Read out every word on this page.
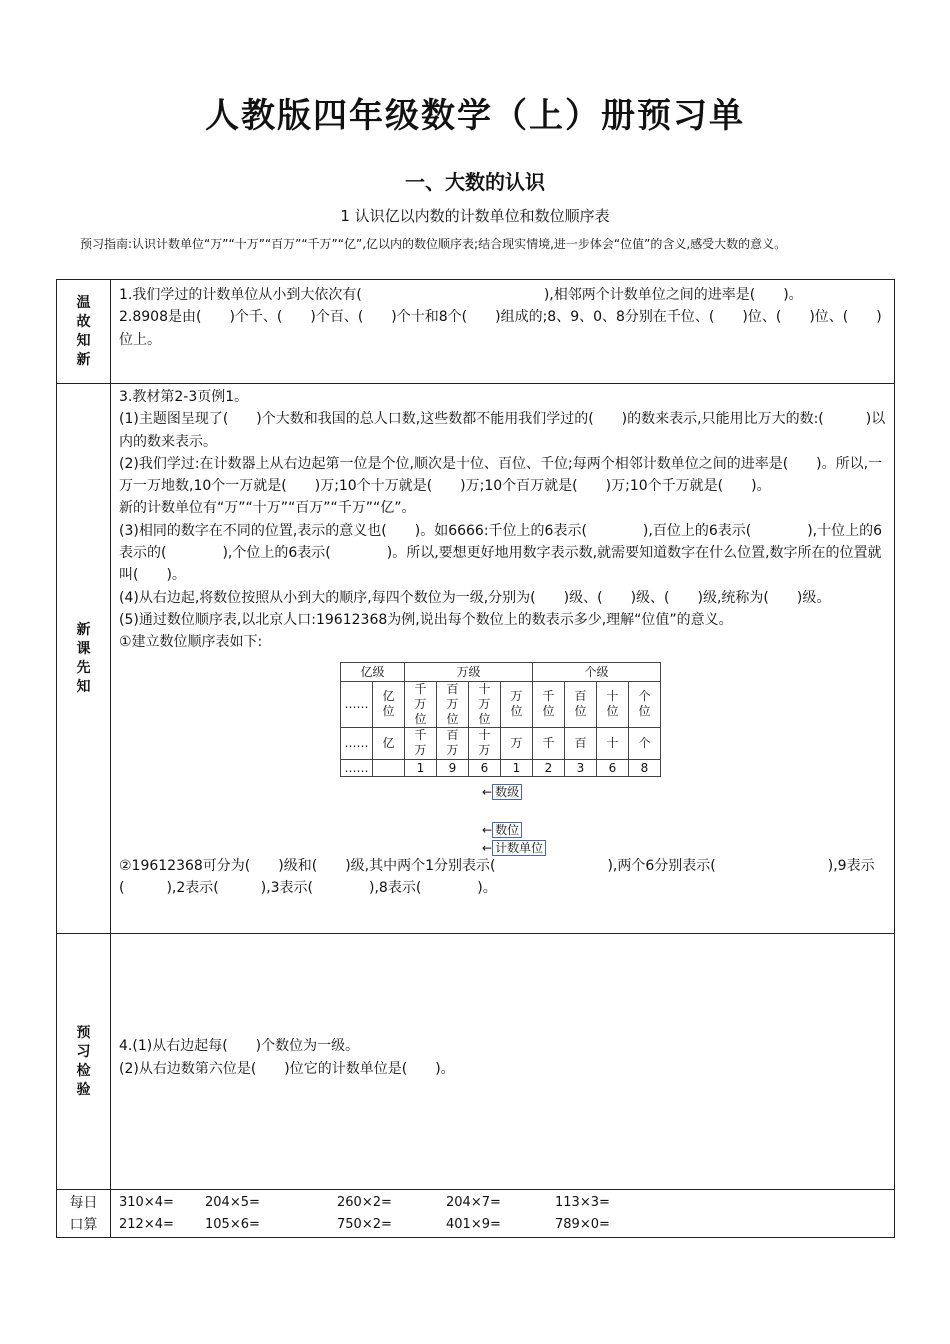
人教版四年级数学（上）册预习单
一、大数的认识
1 认识亿以内数的计数单位和数位顺序表
预习指南:认识计数单位“万”“十万”“百万”“千万”“亿”,亿以内的数位顺序表;结合现实情境,进一步体会“位值”的含义,感受大数的意义。
温故知新	

1.我们学过的计数单位从小到大依次有(　　　　　　　　　　　　　),相邻两个计数单位之间的进率是(　　)。

2.8908是由(　　)个千、(　　)个百、(　　)个十和8个(　　)组成的;8、9、0、8分别在千位、(　　)位、(　　)位、(　　)位上。

新课先知	

3.教材第2-3页例1。

(1)主题图呈现了(　　)个大数和我国的总人口数,这些数都不能用我们学过的(　　)的数来表示,只能用比万大的数:(　　　)以内的数来表示。

(2)我们学过:在计数器上从右边起第一位是个位,顺次是十位、百位、千位;每两个相邻计数单位之间的进率是(　　)。所以,一万一万地数,10个一万就是(　　)万;10个十万就是(　　)万;10个百万就是(　　)万;10个千万就是(　　)。

新的计数单位有“万”“十万”“百万”“千万”“亿”。

(3)相同的数字在不同的位置,表示的意义也(　　)。如6666:千位上的6表示(　　　　),百位上的6表示(　　　　),十位上的6表示的(　　　　),个位上的6表示(　　　　)。所以,要想更好地用数字表示数,就需要知道数字在什么位置,数字所在的位置就叫(　　)。

(4)从右边起,将数位按照从小到大的顺序,每四个数位为一级,分别为(　　)级、(　　)级、(　　)级,统称为(　　)级。

(5)通过数位顺序表,以北京人口:19612368为例,说出每个数位上的数表示多少,理解“位值”的意义。

①建立数位顺序表如下:

亿级	万级	个级
……	亿位	千万位	百万位	十万位	万位	千位	百位	十位	个位
……	亿	千万	百万	十万	万	千	百	十	个
……		1	9	6	1	2	3	6	8
← 数级
← 数位
← 计数单位

②19612368可分为(　　)级和(　　)级,其中两个1分别表示(　　　　　　　　),两个6分别表示(　　　　　　　　),9表示(　　　),2表示(　　　),3表示(　　　　),8表示(　　　　)。

预习检验	

4.(1)从右边起每(　　)个数位为一级。

(2)从右边数第六位是(　　)位它的计数单位是(　　)。

每日口算

310×4=	204×5=	260×2=	204×7=	113×3=
212×4=	105×6=	750×2=	401×9=	789×0=
